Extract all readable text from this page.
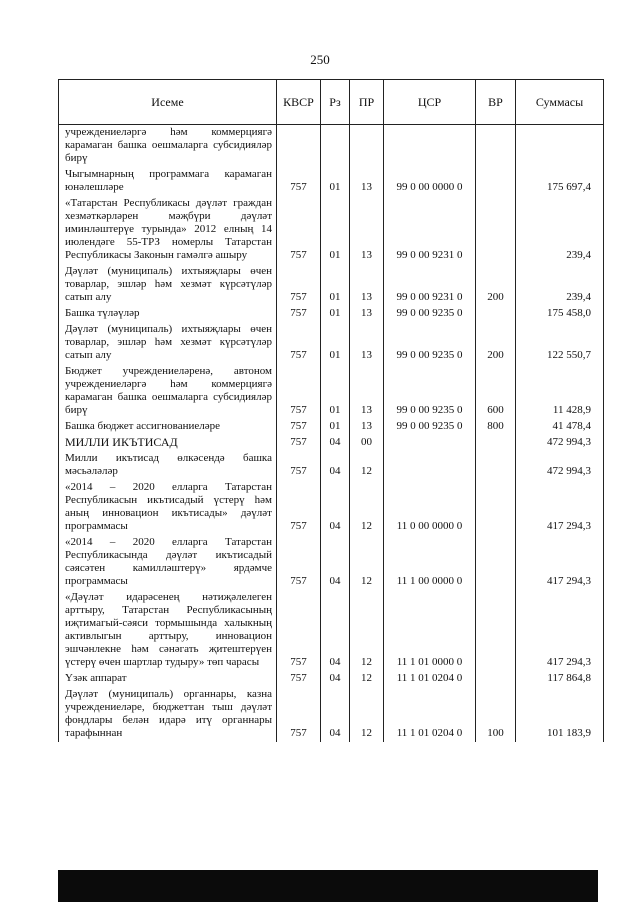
250
Исеме	КВСР	Рз	ПР	ЦСР	ВР	Суммасы
учреждениеләргә һәм коммерциягә карамаган башка оешмаларга субсидияләр бирү						
Чыгымнарның программага карамаган юнәлешләре	757	01	13	99 0 00 0000 0		175 697,4
«Татарстан Республикасы дәүләт граждан хезмәткәрләрен мәҗбүри дәүләт иминләштерүе турында» 2012 елның 14 июлендәге 55-ТРЗ номерлы Татарстан Республикасы Законын гамәлгә ашыру	757	01	13	99 0 00 9231 0		239,4
Дәүләт (муниципаль) ихтыяҗлары өчен товарлар, эшләр һәм хезмәт күрсәтүләр сатып алу	757	01	13	99 0 00 9231 0	200	239,4
Башка түләүләр	757	01	13	99 0 00 9235 0		175 458,0
Дәүләт (муниципаль) ихтыяҗлары өчен товарлар, эшләр һәм хезмәт күрсәтүләр сатып алу	757	01	13	99 0 00 9235 0	200	122 550,7
Бюджет учреждениеләренә, автоном учреждениеләргә һәм коммерциягә карамаган башка оешмаларга субсидияләр бирү	757	01	13	99 0 00 9235 0	600	11 428,9
Башка бюджет ассигнованиеләре	757	01	13	99 0 00 9235 0	800	41 478,4
МИЛЛИ ИКЪТИСАД	757	04	00			472 994,3
Милли икътисад өлкәсендә башка мәсьәләләр	757	04	12			472 994,3
«2014 – 2020 елларга Татарстан Республикасын икътисадый үстерү һәм аның инновацион икътисады» дәүләт программасы	757	04	12	11 0 00 0000 0		417 294,3
«2014 – 2020 елларга Татарстан Республикасында дәүләт икътисадый сәясәтен камилләштерү» ярдәмче программасы	757	04	12	11 1 00 0000 0		417 294,3
«Дәүләт идарәсенең нәтиҗәлелеген арттыру, Татарстан Республикасының иҗтимагый-сәяси тормышында халыкның активлыгын арттыру, инновацион эшчәнлекне һәм сәнәгать җитештерүен үстерү өчен шартлар тудыру» төп чарасы	757	04	12	11 1 01 0000 0		417 294,3
Үзәк аппарат	757	04	12	11 1 01 0204 0		117 864,8
Дәүләт (муниципаль) органнары, казна учреждениеләре, бюджеттан тыш дәүләт фондлары белән идарә итү органнары тарафыннан	757	04	12	11 1 01 0204 0	100	101 183,9
